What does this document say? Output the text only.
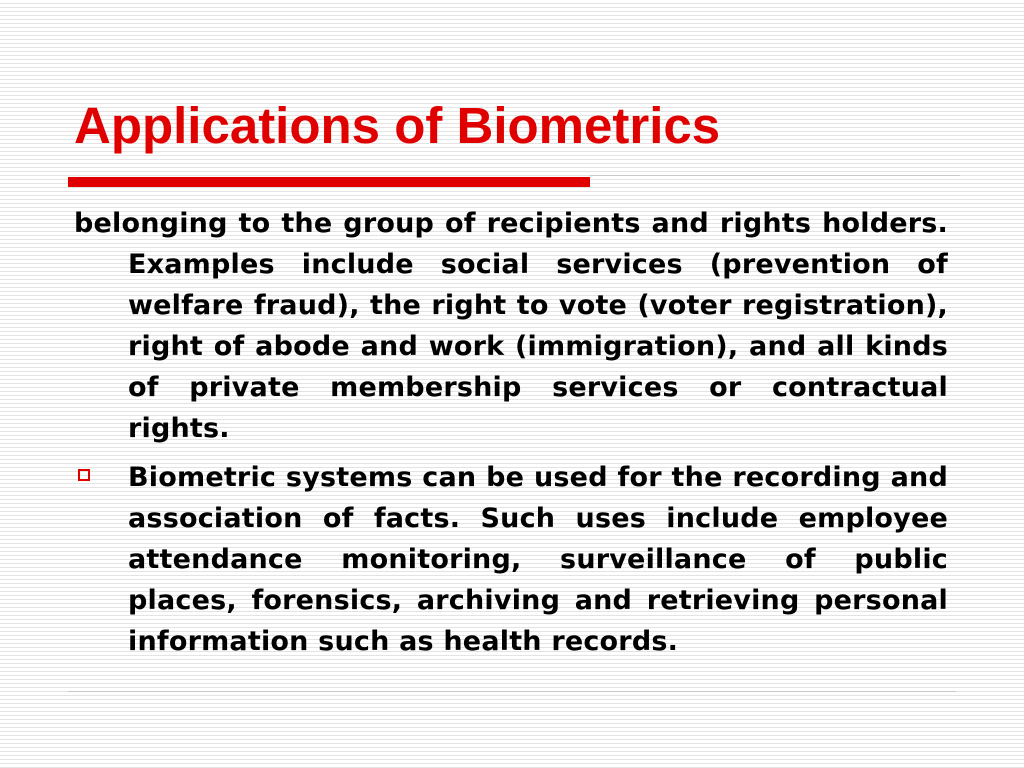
Applications of Biometrics

belonging to the group of recipients and rights holders. Examples include social services (prevention of welfare fraud), the right to vote (voter registration), right of abode and work (immigration), and all kinds of private membership services or contractual rights.

Biometric systems can be used for the recording and association of facts. Such uses include employee attendance monitoring, surveillance of public places, forensics, archiving and retrieving personal information such as health records.
